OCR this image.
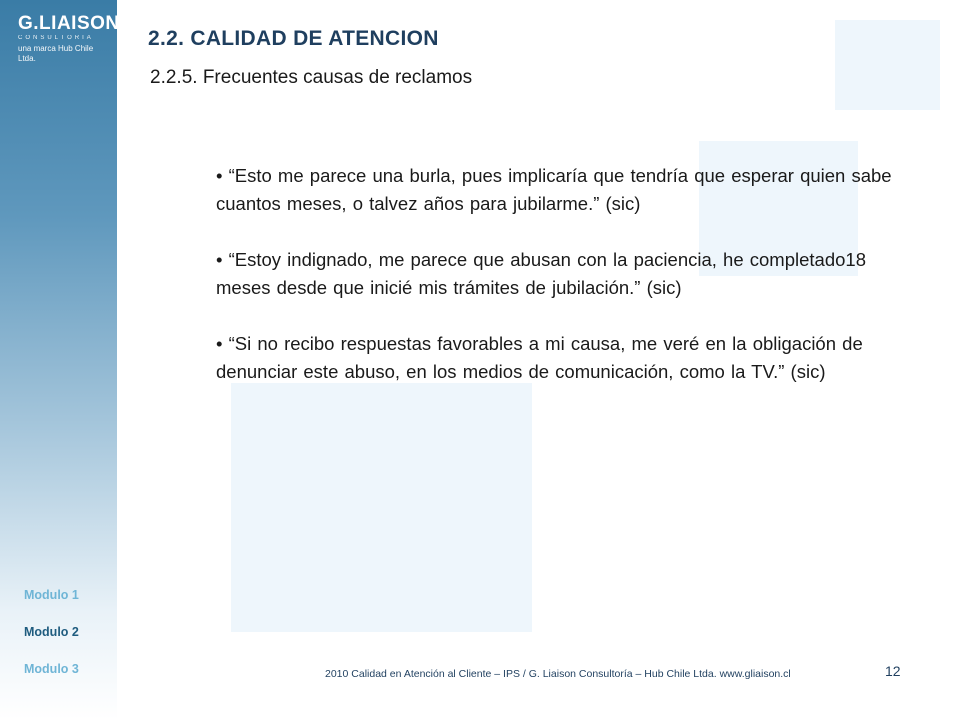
G.LIAISON
CONSULTORIA
una marca Hub Chile Ltda.
Modulo 1
Modulo 2
Modulo 3
2.2. CALIDAD DE ATENCION
2.2.5. Frecuentes causas de reclamos
• “Esto me parece una burla, pues implicaría que tendría que esperar quien sabe cuantos meses, o talvez años para jubilarme.” (sic)
• “Estoy indignado, me parece que abusan con la paciencia, he completado18 meses desde que inicié mis trámites de jubilación.” (sic)
• “Si no recibo respuestas favorables a mi causa, me veré en la obligación de denunciar este abuso, en los medios de comunicación, como la TV.” (sic)
2010 Calidad en Atención al Cliente – IPS / G. Liaison Consultoría – Hub Chile Ltda. www.gliaison.cl	12
